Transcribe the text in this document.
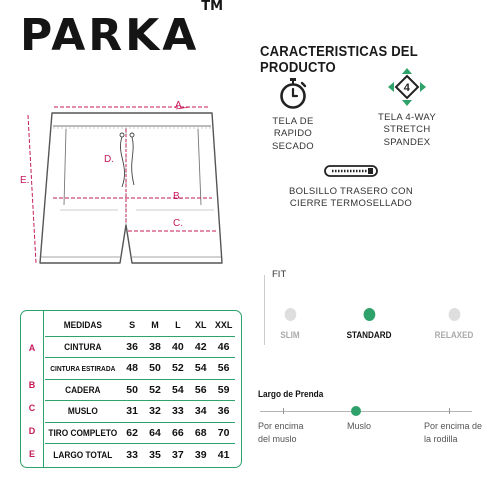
PARKA™
CARACTERISTICAS DEL PRODUCTO
TELA DE RAPIDO
SECADO
4
TELA 4-WAY
STRETCH SPANDEX
BOLSILLO TRASERO CON
CIERRE TERMOSELLADO
A.
B.
C.
D.
E.
A
B
C
D
E
MEDIDAS	S	M	L	XL XXL
CINTURA	36	38	40	42	46
CINTURA ESTIRADA	48	50	52	54	56
CADERA	50	52	54	56	59
MUSLO	31	32	33	34	36
TIRO COMPLETO 62	64	66	68	70
LARGO TOTAL	33	35	37	39	41
FIT
SLIM	STANDARD	RELAXED
Largo de Prenda
Por encima
del muslo
Muslo	Por encima de
la rodilla
